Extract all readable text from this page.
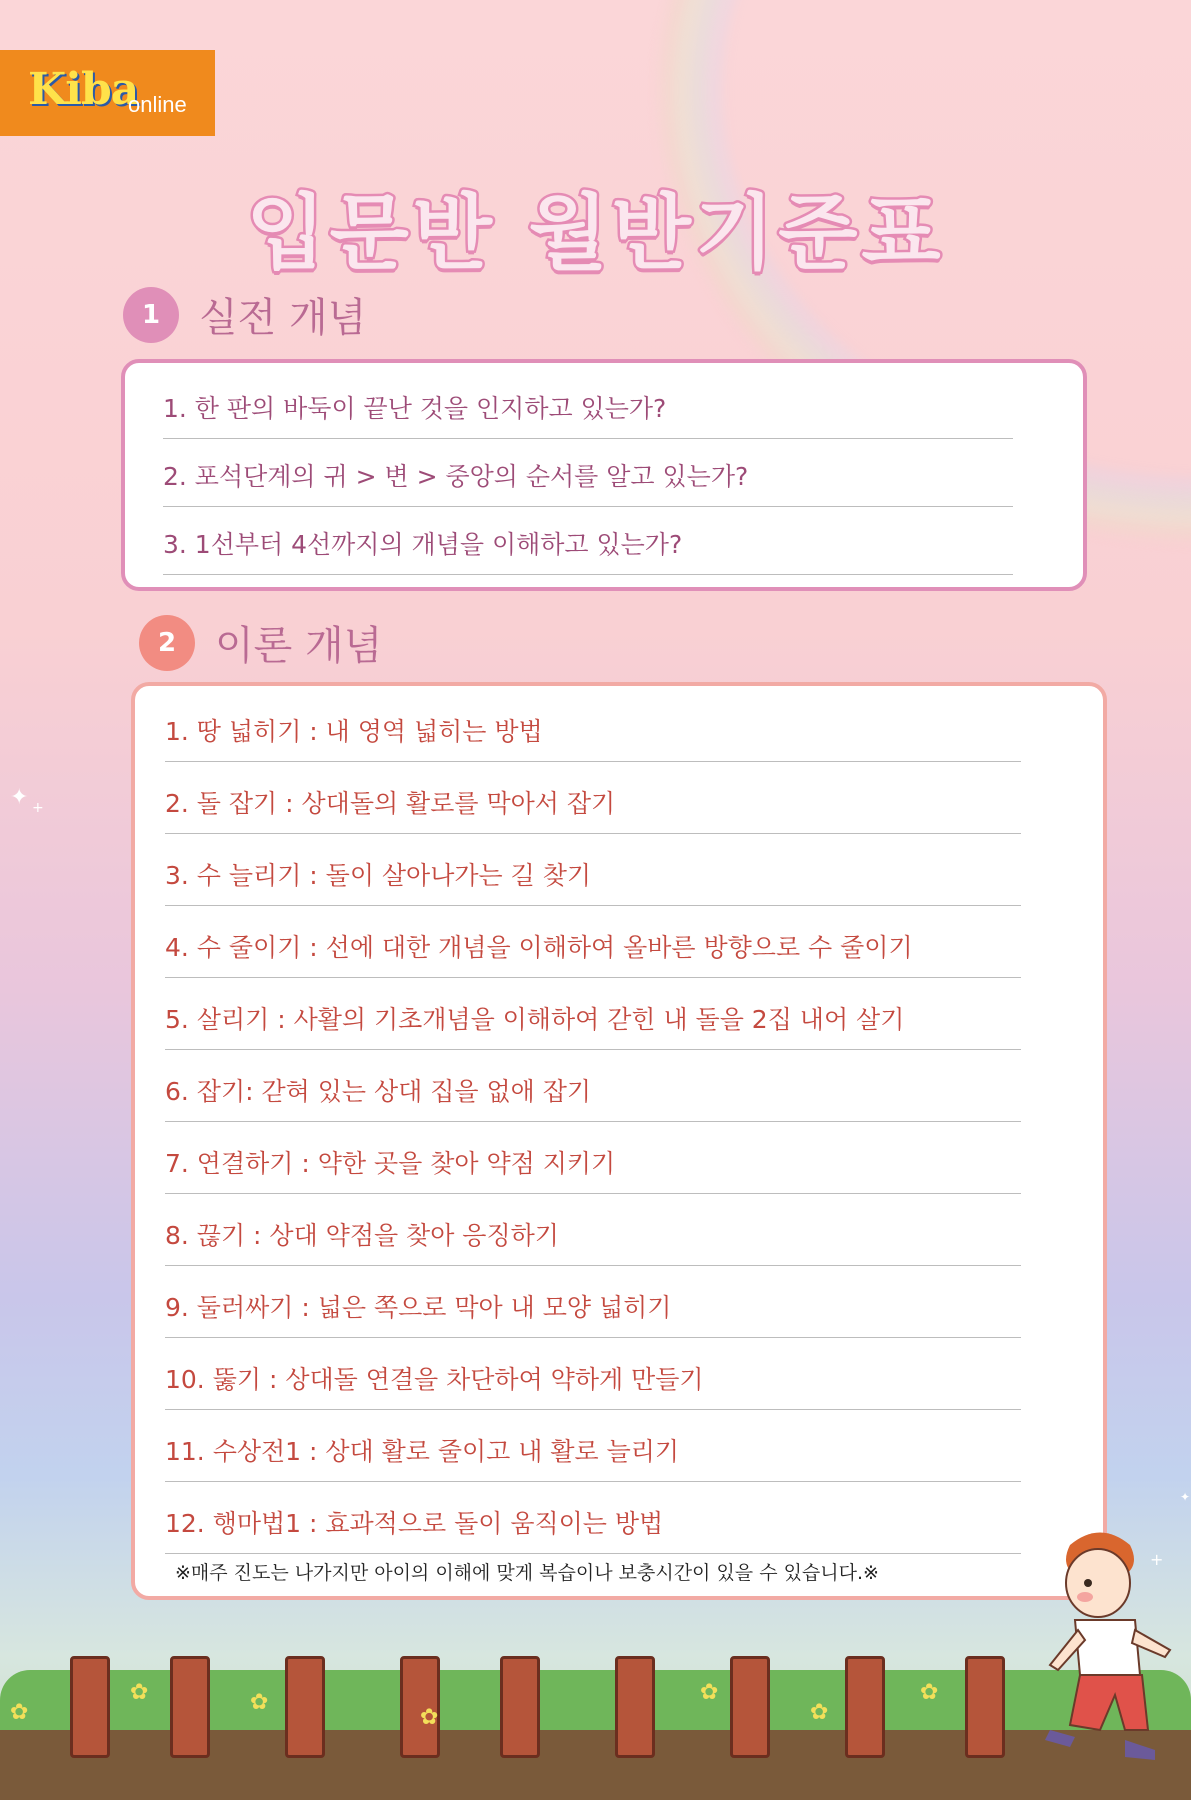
✦ +
+
✦
Kiba
online
입문반 월반기준표
1 실전 개념
1. 한 판의 바둑이 끝난 것을 인지하고 있는가?
2. 포석단계의 귀 > 변 > 중앙의 순서를 알고 있는가?
3. 1선부터 4선까지의 개념을 이해하고 있는가?
2 이론 개념
1. 땅 넓히기 : 내 영역 넓히는 방법
2. 돌 잡기 : 상대돌의 활로를 막아서 잡기
3. 수 늘리기 : 돌이 살아나가는 길 찾기
4. 수 줄이기 : 선에 대한 개념을 이해하여 올바른 방향으로 수 줄이기
5. 살리기 : 사활의 기초개념을 이해하여 갇힌 내 돌을 2집 내어 살기
6. 잡기: 갇혀 있는 상대 집을 없애 잡기
7. 연결하기 : 약한 곳을 찾아 약점 지키기
8. 끊기 : 상대 약점을 찾아 응징하기
9. 둘러싸기 : 넓은 쪽으로 막아 내 모양 넓히기
10. 뚫기 : 상대돌 연결을 차단하여 약하게 만들기
11. 수상전1 : 상대 활로 줄이고 내 활로 늘리기
12. 행마법1 : 효과적으로 돌이 움직이는 방법
※매주 진도는 나가지만 아이의 이해에 맞게 복습이나 보충시간이 있을 수 있습니다.※
✿
✿	✿
✿
✿
✿
✿
